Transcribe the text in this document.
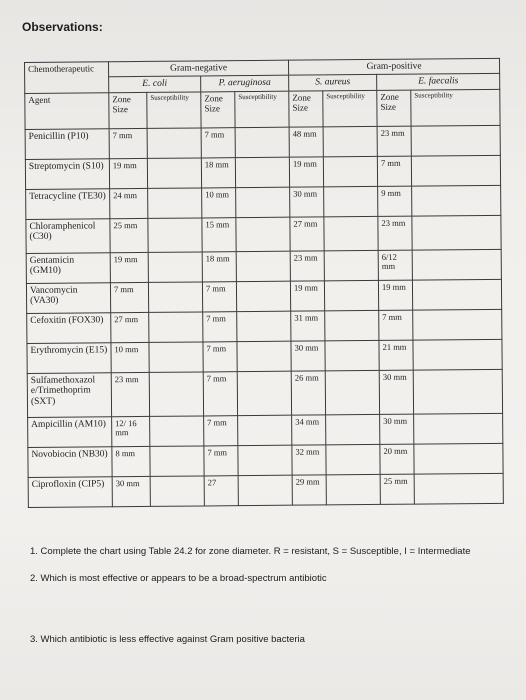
Observations:
Chemotherapeutic	Gram-negative				Gram-positive			
	E. coli		P. aeruginosa		S. aureus		E. faecalis	
Agent	Zone Size	Susceptibility	Zone Size	Susceptibility	Zone Size	Susceptibility	Zone Size	Susceptibility
Penicillin (P10)	7 mm		7 mm		48 mm		23 mm	
Streptomycin (S10)	19 mm		18 mm		19 mm		7 mm	
Tetracycline (TE30)	24 mm		10 mm		30 mm		9 mm	
Chloramphenicol (C30)	25 mm		15 mm		27 mm		23 mm	
Gentamicin (GM10)	19 mm		18 mm		23 mm		6/12 mm	
Vancomycin (VA30)	7 mm		7 mm		19 mm		19 mm	
Cefoxitin (FOX30)	27 mm		7 mm		31 mm		7 mm	
Erythromycin (E15)	10 mm		7 mm		30 mm		21 mm	
Sulfamethoxazol e/Trimethoprim (SXT)	23 mm		7 mm		26 mm		30 mm	
Ampicillin (AM10)	12/ 16 mm		7 mm		34 mm		30 mm	
Novobiocin (NB30)	8 mm		7 mm		32 mm		20 mm	
Ciprofloxin (CIP5)	30 mm		27		29 mm		25 mm	
1. Complete the chart using Table 24.2 for zone diameter. R = resistant, S = Susceptible, I = Intermediate
2. Which is most effective or appears to be a broad-spectrum antibiotic
3. Which antibiotic is less effective against Gram positive bacteria
